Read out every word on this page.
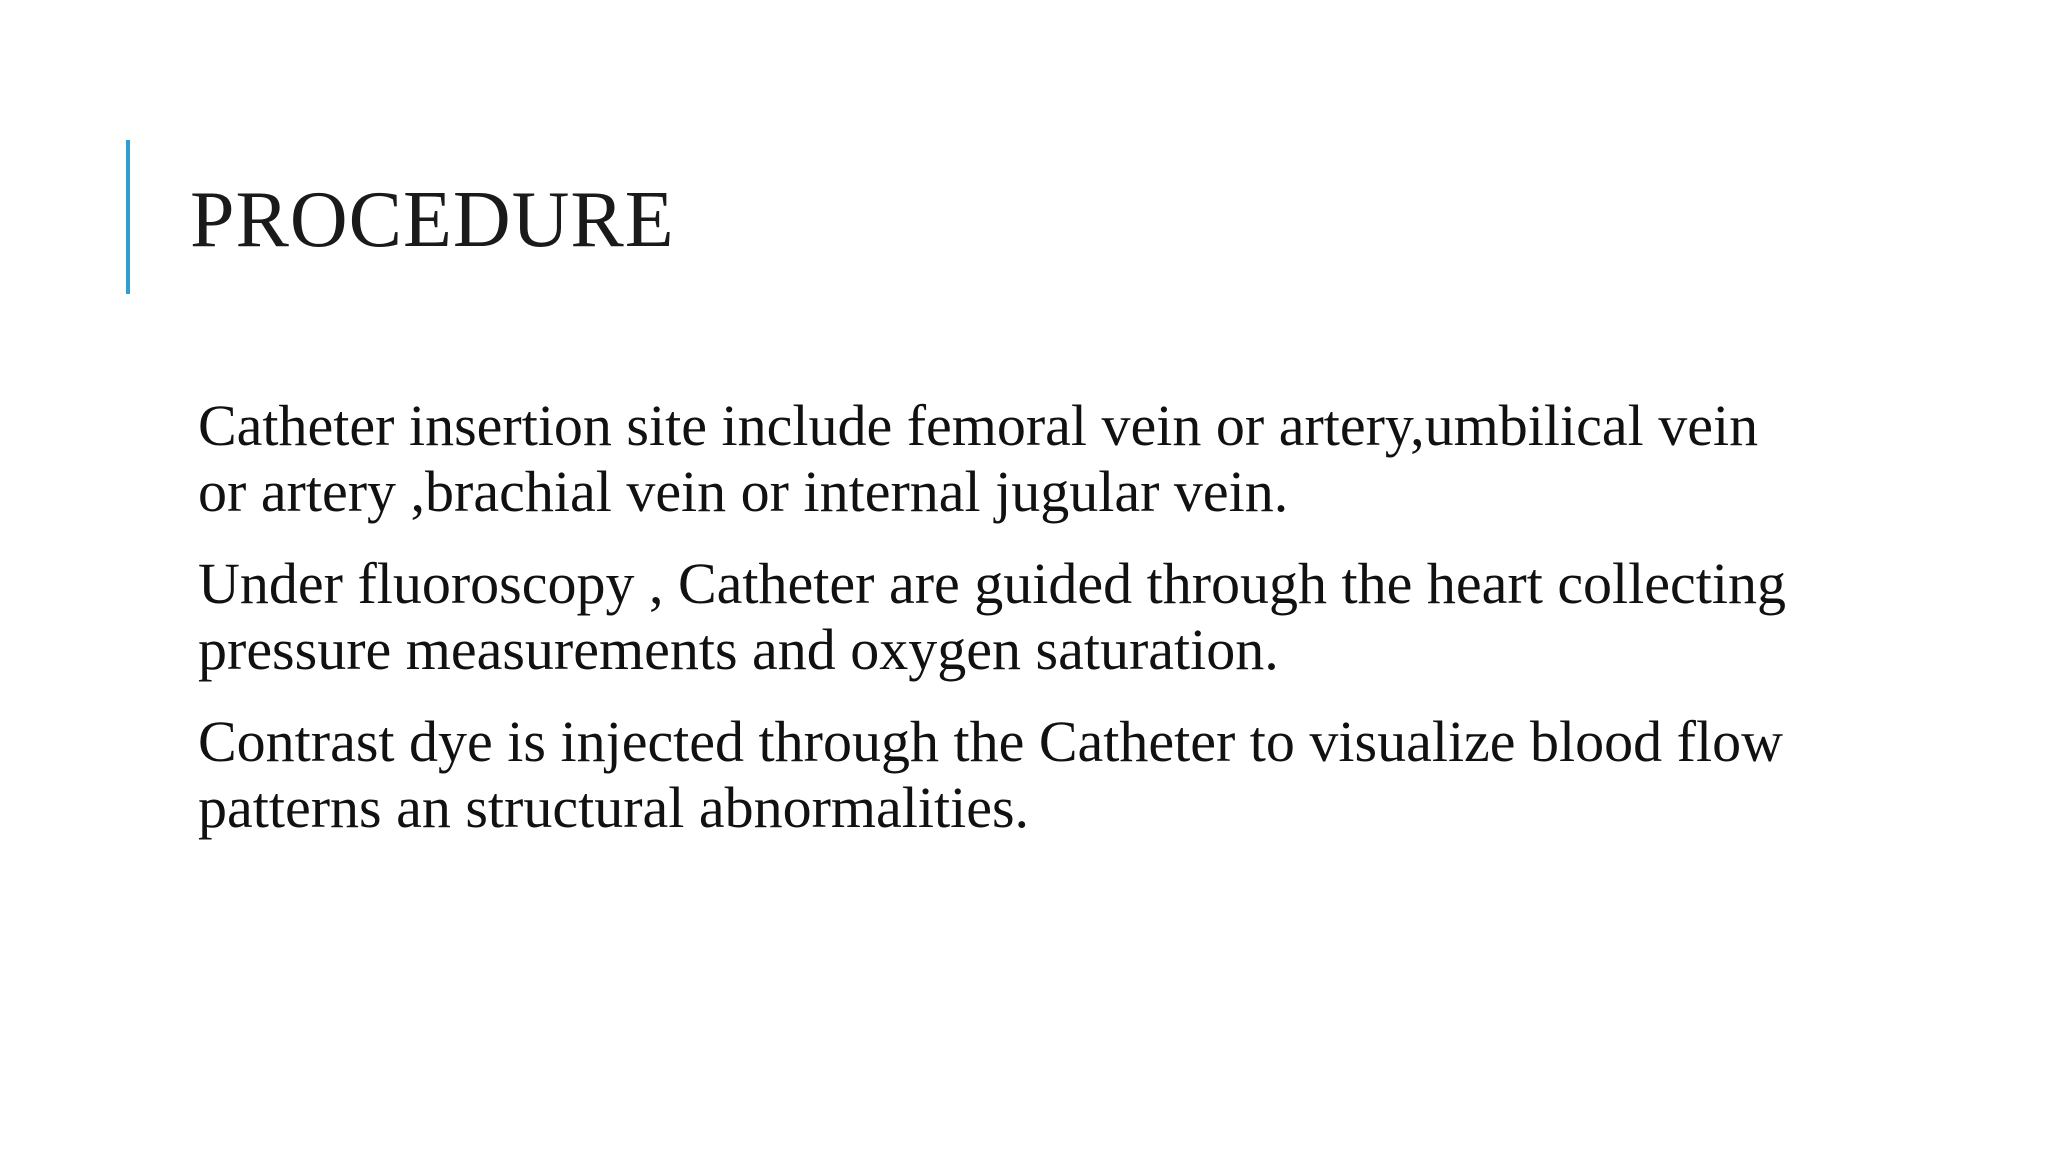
PROCEDURE

Catheter insertion site include femoral vein or artery,umbilical vein or artery ,brachial vein or internal jugular vein.

Under fluoroscopy , Catheter are guided through the heart collecting pressure measurements and oxygen saturation.

Contrast dye is injected through the Catheter to visualize blood flow patterns an structural abnormalities.
